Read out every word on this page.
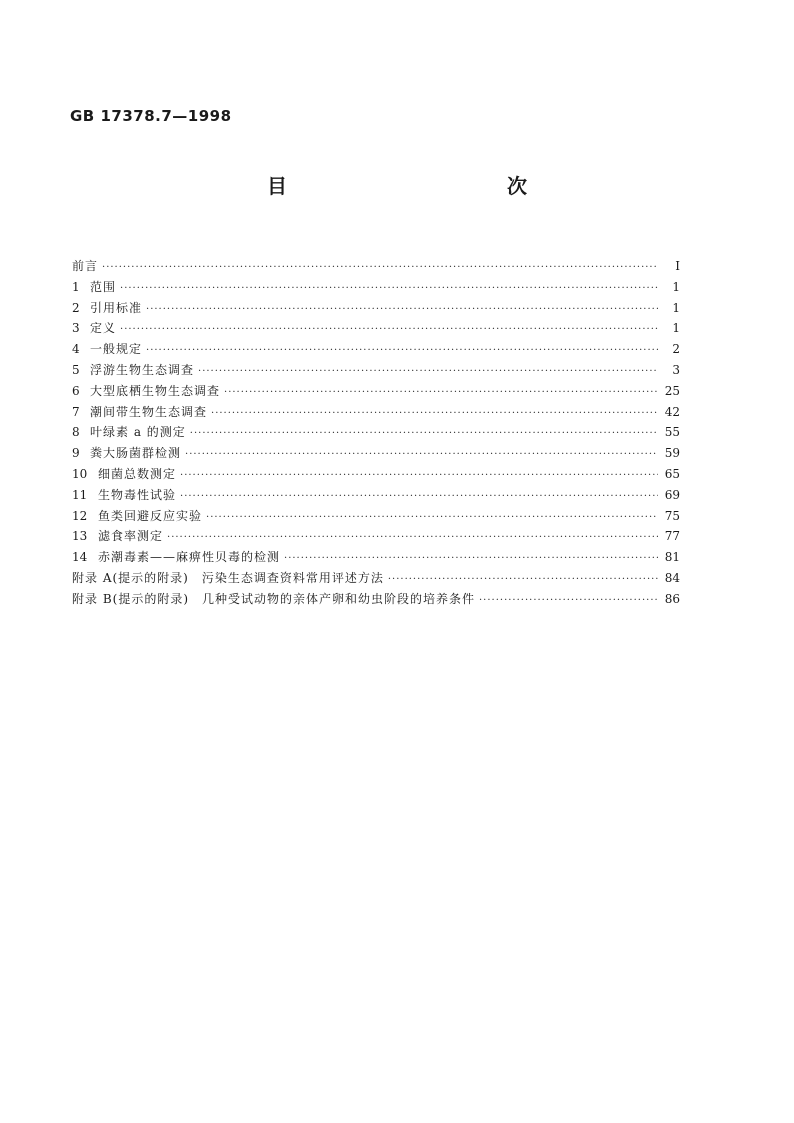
GB 17378.7—1998
目　　次
前言 ·····	Ⅰ
1 范围 ·····	1
2 引用标准 ·····	1
3 定义 ·····	1
4 一般规定 ·····	2
5 浮游生物生态调查 ·····	3
6 大型底栖生物生态调查 ·····	25
7 潮间带生物生态调查 ·····	42
8 叶绿素 a 的测定 ·····	55
9 粪大肠菌群检测 ·····	59
10 细菌总数测定 ·····	65
11 生物毒性试验 ·····	69
12 鱼类回避反应实验 ·····	75
13 滤食率测定 ·····	77
14 赤潮毒素——麻痹性贝毒的检测 ·····	81
附录 A(提示的附录)　污染生态调查资料常用评述方法 ·····	84
附录 B(提示的附录)　几种受试动物的亲体产卵和幼虫阶段的培养条件 ·····	86
